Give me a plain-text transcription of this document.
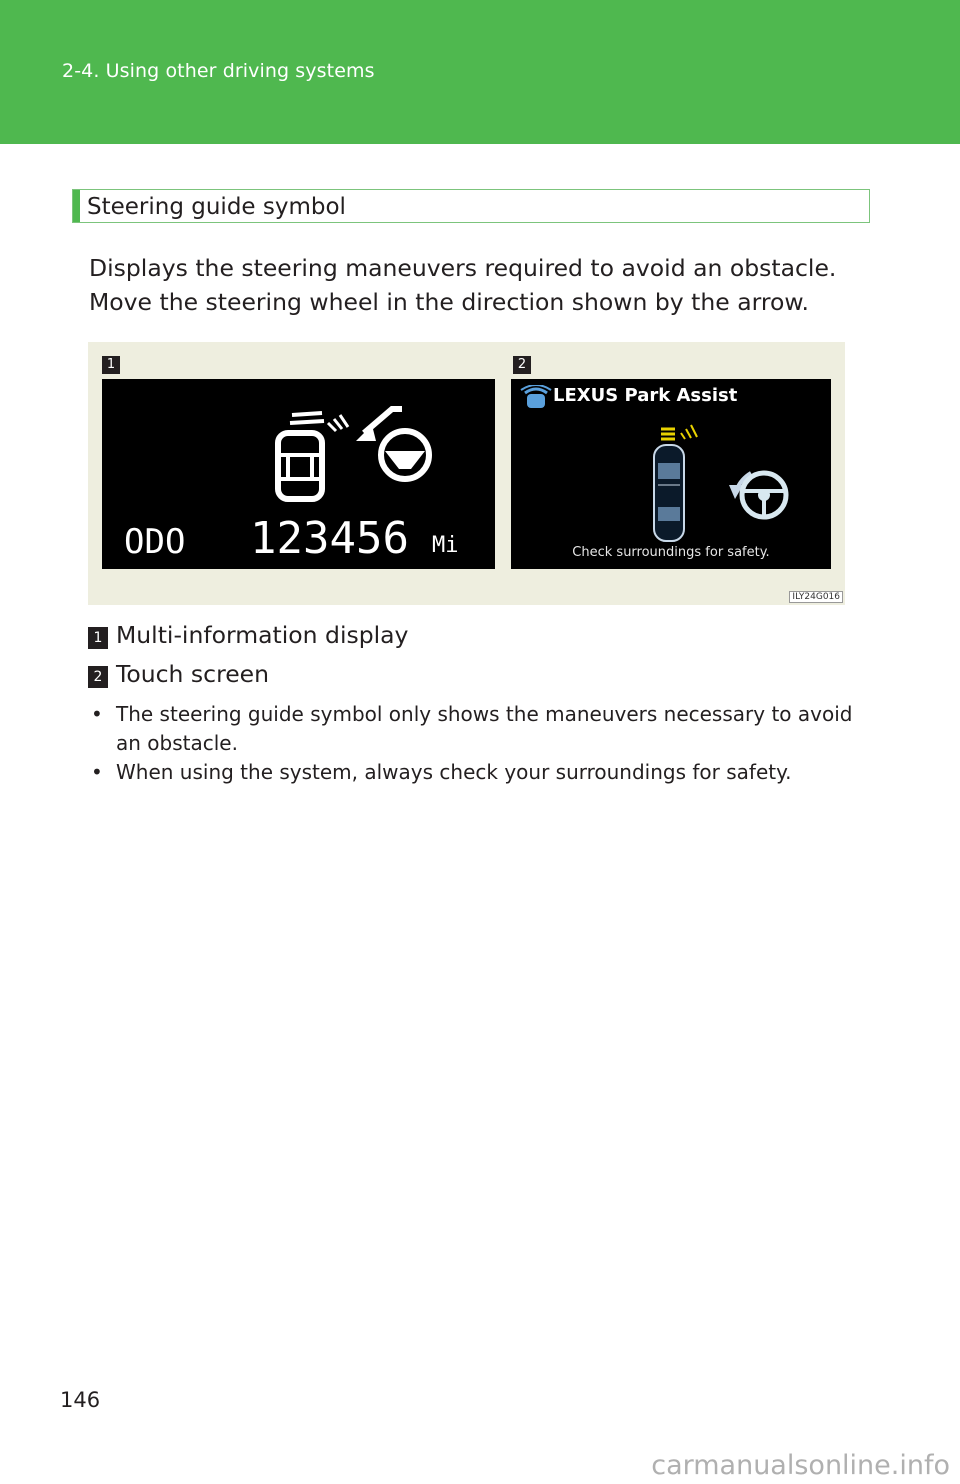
2-4. Using other driving systems
Steering guide symbol
Displays the steering maneuvers required to avoid an obstacle. Move the steering wheel in the direction shown by the arrow.
1	2
ODO 123456 Mi
LEXUS Park Assist
Check surroundings for safety.
ILY24G016
1 Multi-information display
2 Touch screen
• The steering guide symbol only shows the maneuvers necessary to avoid an obstacle.
• When using the system, always check your surroundings for safety.
146
carmanualsonline.info
